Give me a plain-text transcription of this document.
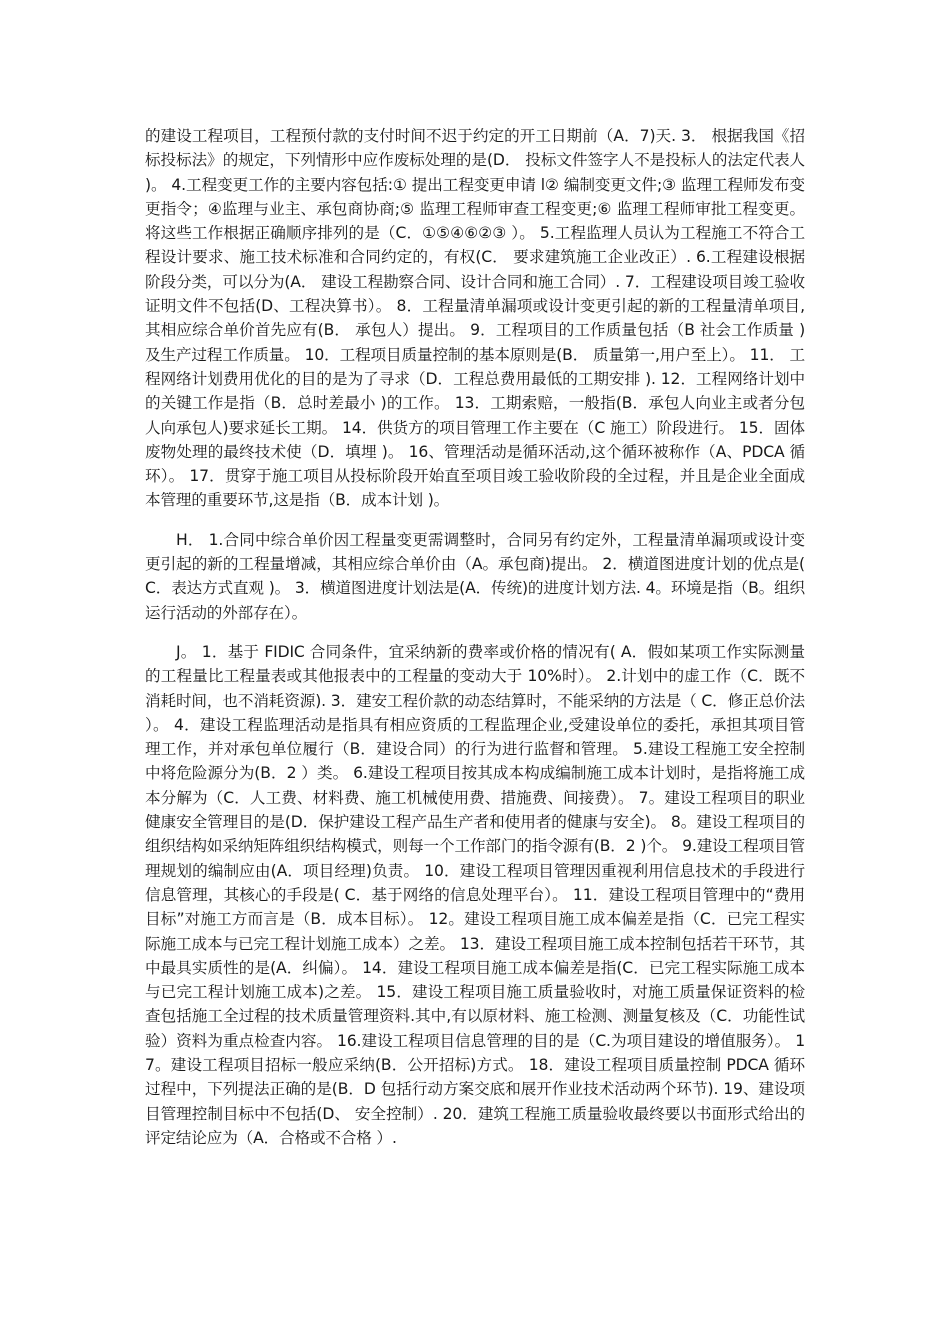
的建设工程项目，工程预付款的支付时间不迟于约定的开工日期前（A．7)天. 3． 根据我国《招标投标法》的规定，下列情形中应作废标处理的是(D． 投标文件签字人不是投标人的法定代表人)。 4.工程变更工作的主要内容包括:① 提出工程变更申请 l② 编制变更文件;③ 监理工程师发布变更指令；④监理与业主、承包商协商;⑤ 监理工程师审查工程变更;⑥ 监理工程师审批工程变更。将这些工作根据正确顺序排列的是（C．①⑤④⑥②③ ）。 5.工程监理人员认为工程施工不符合工程设计要求、施工技术标准和合同约定的，有权(C． 要求建筑施工企业改正）. 6.工程建设根据阶段分类，可以分为(A． 建设工程勘察合同、设计合同和施工合同）. 7．工程建设项目竣工验收证明文件不包括(D、工程决算书）。 8．工程量清单漏项或设计变更引起的新的工程量清单项目,其相应综合单价首先应有(B． 承包人）提出。 9．工程项目的工作质量包括（B 社会工作质量 )及生产过程工作质量。 10．工程项目质量控制的基本原则是(B． 质量第一,用户至上）。 11． 工程网络计划费用优化的目的是为了寻求（D．工程总费用最低的工期安排 ). 12．工程网络计划中的关键工作是指（B．总时差最小 )的工作。 13．工期索赔，一般指(B．承包人向业主或者分包人向承包人)要求延长工期。 14．供货方的项目管理工作主要在（C 施工）阶段进行。 15．固体废物处理的最终技术使（D．填埋 )。 16、管理活动是循环活动,这个循环被称作（A、PDCA 循环）。 17．贯穿于施工项目从投标阶段开始直至项目竣工验收阶段的全过程，并且是企业全面成本管理的重要环节,这是指（B．成本计划 )。

H． 1.合同中综合单价因工程量变更需调整时，合同另有约定外，工程量清单漏项或设计变更引起的新的工程量增减，其相应综合单价由（A。承包商)提出。 2．横道图进度计划的优点是( C．表达方式直观 )。 3．横道图进度计划法是(A．传统)的进度计划方法. 4。环境是指（B。组织运行活动的外部存在）。

J。 1．基于 FIDIC 合同条件，宜采纳新的费率或价格的情况有( A．假如某项工作实际测量的工程量比工程量表或其他报表中的工程量的变动大于 10%时）。 2.计划中的虚工作（C．既不消耗时间，也不消耗资源). 3．建安工程价款的动态结算时，不能采纳的方法是（ C．修正总价法）。 4．建设工程监理活动是指具有相应资质的工程监理企业,受建设单位的委托，承担其项目管理工作，并对承包单位履行（B．建设合同）的行为进行监督和管理。 5.建设工程施工安全控制中将危险源分为(B．2 ）类。 6.建设工程项目按其成本构成编制施工成本计划时，是指将施工成本分解为（C．人工费、材料费、施工机械使用费、措施费、间接费）。 7。建设工程项目的职业健康安全管理目的是(D．保护建设工程产品生产者和使用者的健康与安全)。 8。建设工程项目的组织结构如采纳矩阵组织结构模式，则每一个工作部门的指令源有(B．2 )个。 9.建设工程项目管理规划的编制应由(A．项目经理)负责。 10．建设工程项目管理因重视利用信息技术的手段进行信息管理，其核心的手段是( C．基于网络的信息处理平台）。 11．建设工程项目管理中的“费用目标”对施工方而言是（B．成本目标）。 12。建设工程项目施工成本偏差是指（C．已完工程实际施工成本与已完工程计划施工成本）之差。 13．建设工程项目施工成本控制包括若干环节，其中最具实质性的是(A．纠偏）。 14．建设工程项目施工成本偏差是指(C．已完工程实际施工成本与已完工程计划施工成本)之差。 15．建设工程项目施工质量验收时，对施工质量保证资料的检查包括施工全过程的技术质量管理资料.其中,有以原材料、施工检测、测量复核及（C．功能性试验）资料为重点检查内容。 16.建设工程项目信息管理的目的是（C.为项目建设的增值服务）。 17。建设工程项目招标一般应采纳(B．公开招标)方式。 18．建设工程项目质量控制 PDCA 循环过程中，下列提法正确的是(B．D 包括行动方案交底和展开作业技术活动两个环节). 19、建设项目管理控制目标中不包括(D、 安全控制）. 20．建筑工程施工质量验收最终要以书面形式给出的评定结论应为（A．合格或不合格 ）.
